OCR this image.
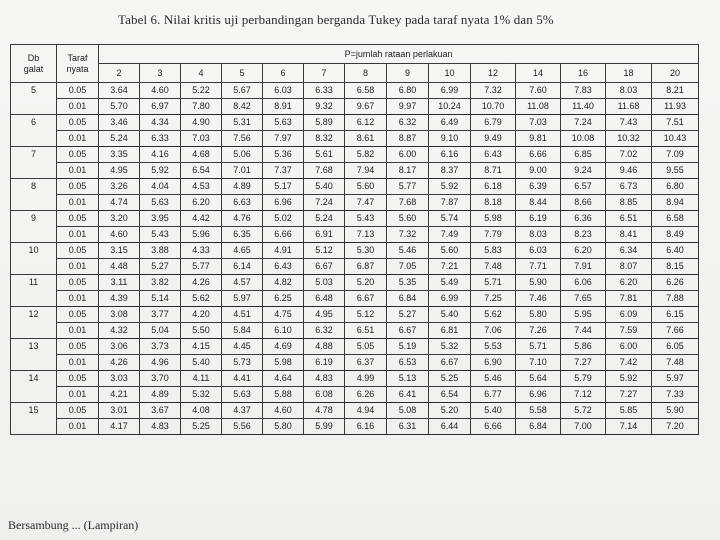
Tabel 6. Nilai kritis uji perbandingan berganda Tukey pada taraf nyata 1% dan 5%
Db
galat	Taraf
nyata	P=jumlah rataan perlakuan													
		2	3	4	5	6	7	8	9	10	12	14	16	18	20
5	0.05	3.64	4.60	5.22	5.67	6.03	6.33	6.58	6.80	6.99	7.32	7.60	7.83	8.03	8.21
	0.01	5.70	6.97	7.80	8.42	8.91	9.32	9.67	9.97	10.24	10.70	11.08	11.40	11.68	11.93
6	0.05	3.46	4.34	4.90	5.31	5.63	5.89	6.12	6.32	6.49	6.79	7.03	7.24	7.43	7.51
	0.01	5.24	6.33	7.03	7.56	7.97	8.32	8.61	8.87	9.10	9.49	9.81	10.08	10.32	10.43
7	0.05	3.35	4.16	4.68	5.06	5.36	5.61	5.82	6.00	6.16	6.43	6.66	6.85	7.02	7.09
	0.01	4.95	5.92	6.54	7.01	7.37	7.68	7.94	8.17	8.37	8.71	9.00	9.24	9.46	9.55
8	0.05	3.26	4.04	4.53	4.89	5.17	5.40	5.60	5.77	5.92	6.18	6.39	6.57	6.73	6.80
	0.01	4.74	5.63	6.20	6.63	6.96	7.24	7.47	7.68	7.87	8.18	8.44	8.66	8.85	8.94
9	0.05	3.20	3.95	4.42	4.76	5.02	5.24	5.43	5.60	5.74	5.98	6.19	6.36	6.51	6.58
	0.01	4.60	5.43	5.96	6.35	6.66	6.91	7.13	7.32	7.49	7.79	8.03	8.23	8.41	8.49
10	0.05	3.15	3.88	4.33	4.65	4.91	5.12	5.30	5.46	5.60	5.83	6.03	6.20	6.34	6.40
	0.01	4.48	5.27	5.77	6.14	6.43	6.67	6.87	7.05	7.21	7.48	7.71	7.91	8.07	8.15
11	0.05	3.11	3.82	4.26	4.57	4.82	5.03	5.20	5.35	5.49	5.71	5.90	6.06	6.20	6.26
	0.01	4.39	5.14	5.62	5.97	6.25	6.48	6.67	6.84	6.99	7.25	7.46	7.65	7.81	7.88
12	0.05	3.08	3.77	4.20	4.51	4.75	4.95	5.12	5.27	5.40	5.62	5.80	5.95	6.09	6.15
	0.01	4.32	5.04	5.50	5.84	6.10	6.32	6.51	6.67	6.81	7.06	7.26	7.44	7.59	7.66
13	0.05	3.06	3.73	4.15	4.45	4.69	4.88	5.05	5.19	5.32	5.53	5.71	5.86	6.00	6.05
	0.01	4.26	4.96	5.40	5.73	5.98	6.19	6.37	6.53	6.67	6.90	7.10	7.27	7.42	7.48
14	0.05	3.03	3.70	4.11	4.41	4.64	4.83	4.99	5.13	5.25	5.46	5.64	5.79	5.92	5.97
	0.01	4.21	4.89	5.32	5.63	5.88	6.08	6.26	6.41	6.54	6.77	6.96	7.12	7.27	7.33
15	0.05	3.01	3.67	4.08	4.37	4.60	4.78	4.94	5.08	5.20	5.40	5.58	5.72	5.85	5.90
	0.01	4.17	4.83	5.25	5.56	5.80	5.99	6.16	6.31	6.44	6.66	6.84	7.00	7.14	7.20
Bersambung ... (Lampiran)
